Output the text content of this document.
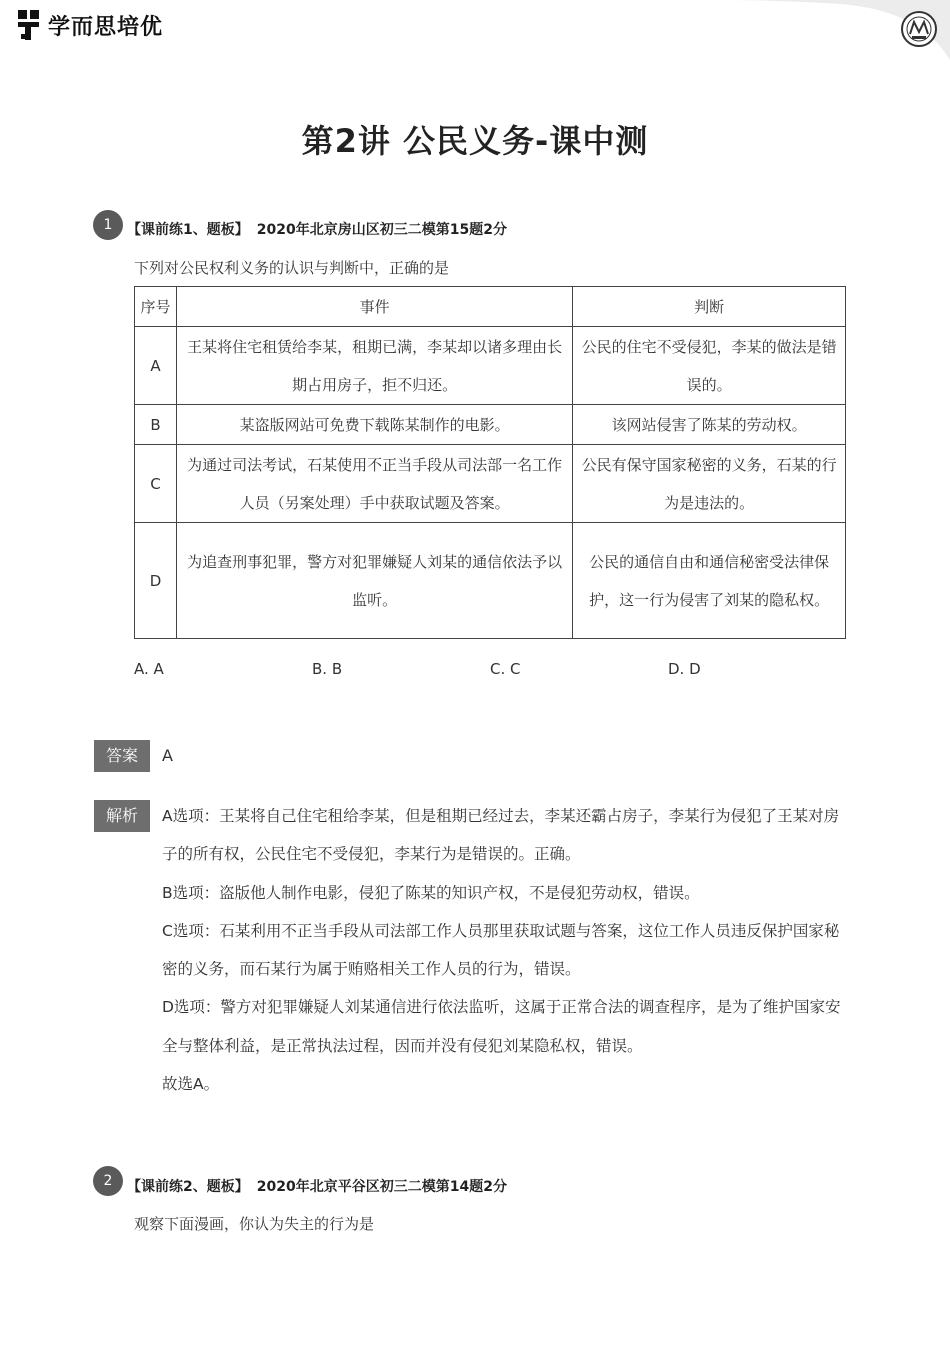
学而思培优
第2讲 公民义务-课中测
1	【课前练1、题板】 2020年北京房山区初三二模第15题2分
下列对公民权利义务的认识与判断中，正确的是
序号	事件	判断
A	王某将住宅租赁给李某，租期已满，李某却以诸多理由长期占用房子，拒不归还。	公民的住宅不受侵犯，李某的做法是错误的。
B	某盗版网站可免费下载陈某制作的电影。	该网站侵害了陈某的劳动权。
C	为通过司法考试，石某使用不正当手段从司法部一名工作人员（另案处理）手中获取试题及答案。	公民有保守国家秘密的义务，石某的行为是违法的。
D	为追查刑事犯罪，警方对犯罪嫌疑人刘某的通信依法予以监听。	公民的通信自由和通信秘密受法律保护，这一行为侵害了刘某的隐私权。
A. A	B. B	C. C	D. D
答案	A
解析	A选项：王某将自己住宅租给李某，但是租期已经过去，李某还霸占房子，李某行为侵犯了王某对房子的所有权，公民住宅不受侵犯，李某行为是错误的。正确。

B选项：盗版他人制作电影，侵犯了陈某的知识产权，不是侵犯劳动权，错误。

C选项：石某利用不正当手段从司法部工作人员那里获取试题与答案，这位工作人员违反保护国家秘密的义务，而石某行为属于贿赂相关工作人员的行为，错误。

D选项：警方对犯罪嫌疑人刘某通信进行依法监听，这属于正常合法的调查程序，是为了维护国家安全与整体利益，是正常执法过程，因而并没有侵犯刘某隐私权，错误。

故选A。

2	【课前练2、题板】 2020年北京平谷区初三二模第14题2分
观察下面漫画，你认为失主的行为是
